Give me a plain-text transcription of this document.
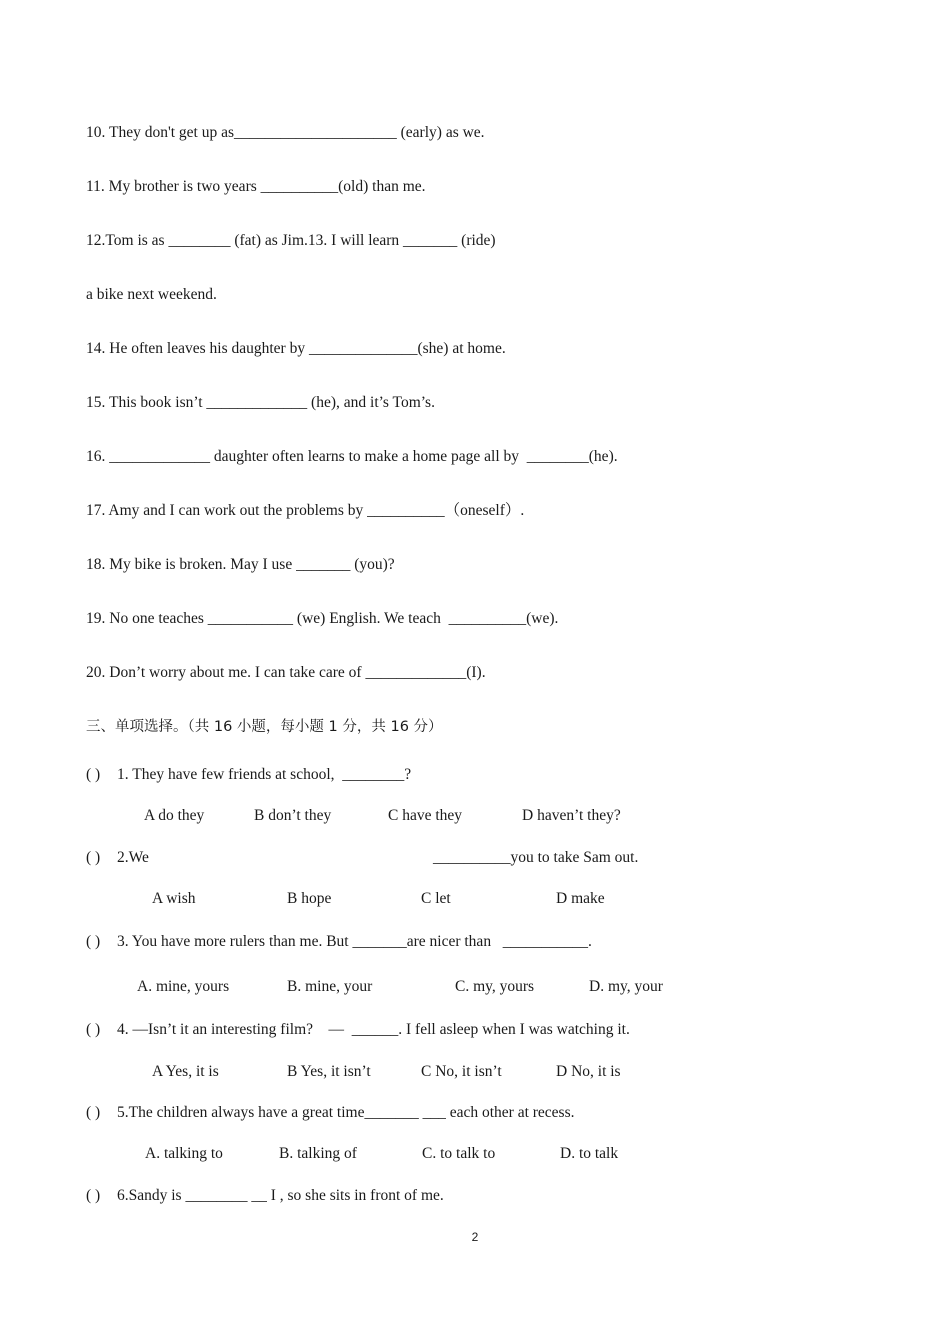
10. They don't get up as_____________________ (early) as we.
11. My brother is two years __________(old) than me.
12.Tom is as ________ (fat) as Jim.13. I will learn _______ (ride)
a bike next weekend.
14. He often leaves his daughter by ______________(she) at home.
15. This book isn’t _____________ (he), and it’s Tom’s.
16. _____________ daughter often learns to make a home page all by  ________(he).
17. Amy and I can work out the problems by __________（oneself）.
18. My bike is broken. May I use _______ (you)?
19. No one teaches ___________ (we) English. We teach  __________(we).
20. Don’t worry about me. I can take care of _____________(I).
三、单项选择。（共 16 小题，每小题 1 分，共 16 分）
( ) 1. They have few friends at school,  ________?
A do they	B don’t they	C have they	D haven’t they?
( ) 2.We	__________you to take Sam out.
A wish	B hope	C let	D make
( ) 3. You have more rulers than me. But _______are nicer than   ___________.
A. mine, yours	B. mine, your	C. my, yours	D. my, your
( ) 4. —Isn’t it an interesting film?    —  ______. I fell asleep when I was watching it.
A Yes, it is	B Yes, it isn’t	C No, it isn’t	D No, it is
( ) 5.The children always have a great time_______ ___ each other at recess.
A. talking to	B. talking of	C. to talk to	D. to talk
( ) 6.Sandy is ________ __ I , so she sits in front of me.
2
